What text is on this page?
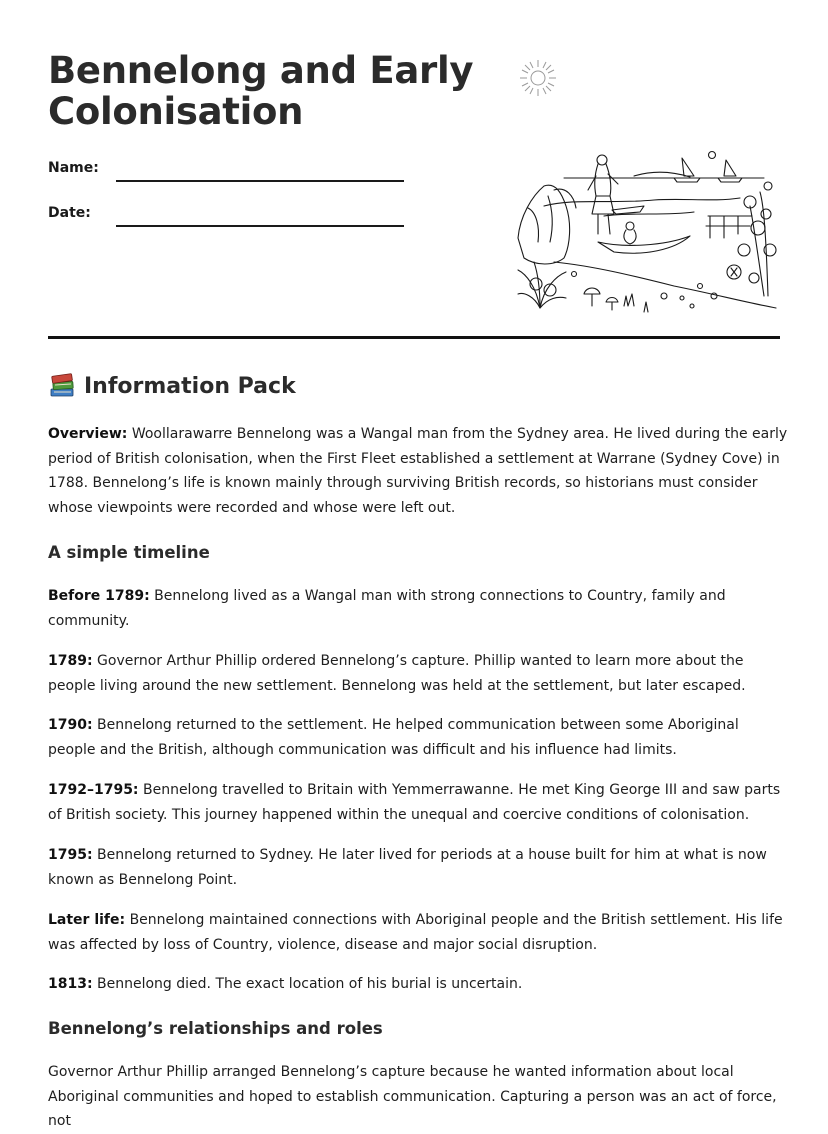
Bennelong and Early Colonisation
Name:
Date:
Information Pack

Overview: Woollarawarre Bennelong was a Wangal man from the Sydney area. He lived during the early period of British colonisation, when the First Fleet established a settlement at Warrane (Sydney Cove) in 1788. Bennelong’s life is known mainly through surviving British records, so historians must consider whose viewpoints were recorded and whose were left out.

A simple timeline

Before 1789: Bennelong lived as a Wangal man with strong connections to Country, family and community.

1789: Governor Arthur Phillip ordered Bennelong’s capture. Phillip wanted to learn more about the people living around the new settlement. Bennelong was held at the settlement, but later escaped.

1790: Bennelong returned to the settlement. He helped communication between some Aboriginal people and the British, although communication was difficult and his influence had limits.

1792–1795: Bennelong travelled to Britain with Yemmerrawanne. He met King George III and saw parts of British society. This journey happened within the unequal and coercive conditions of colonisation.

1795: Bennelong returned to Sydney. He later lived for periods at a house built for him at what is now known as Bennelong Point.

Later life: Bennelong maintained connections with Aboriginal people and the British settlement. His life was affected by loss of Country, violence, disease and major social disruption.

1813: Bennelong died. The exact location of his burial is uncertain.

Bennelong’s relationships and roles

Governor Arthur Phillip arranged Bennelong’s capture because he wanted information about local Aboriginal communities and hoped to establish communication. Capturing a person was an act of force, not
